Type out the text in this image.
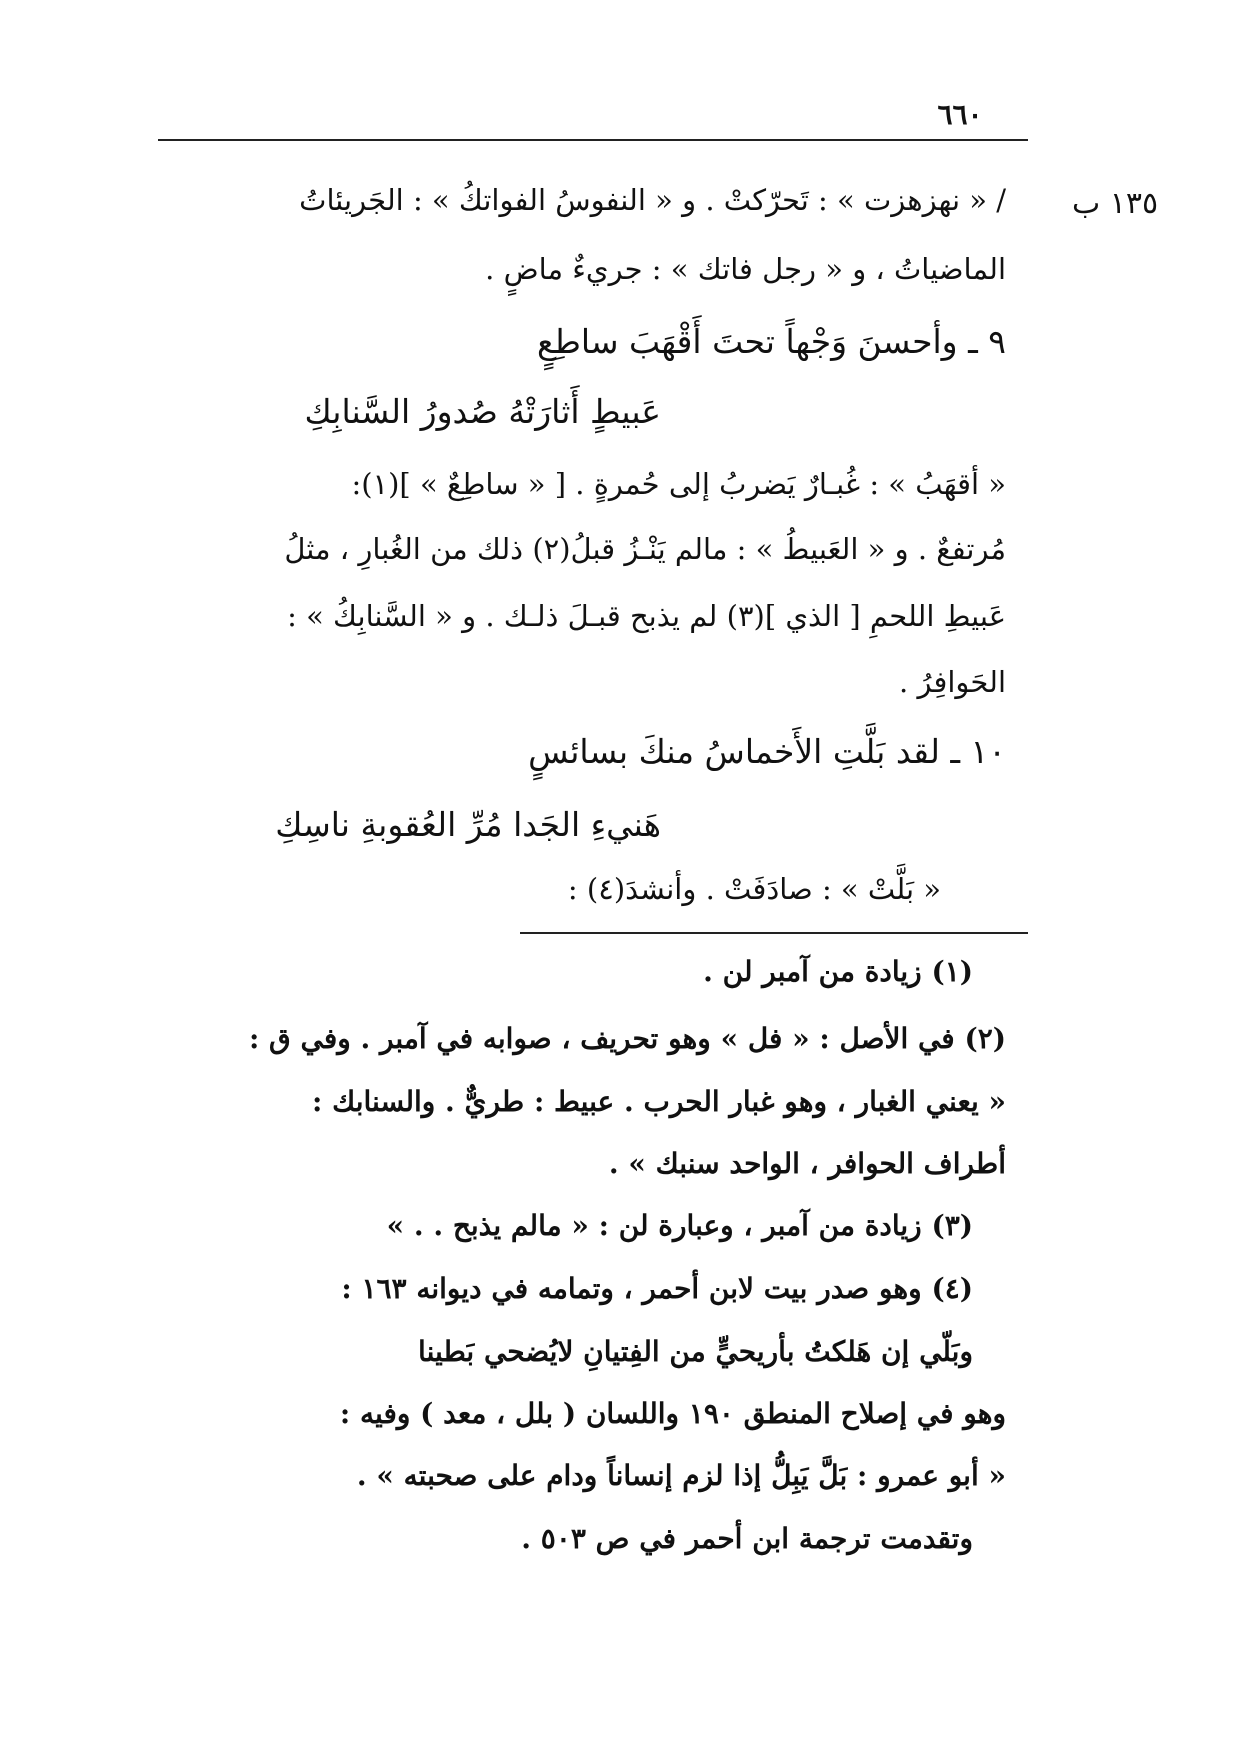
٦٦٠
١٣٥ ب
/ « نهزهزت » : تَحرّكتْ . و « النفوسُ الفواتكُ » : الجَريئاتُ
الماضياتُ ، و « رجل فاتك » : جريءٌ ماضٍ .
٩ ـ وأحسنَ وَجْهاً تحتَ أَقْهَبَ ساطِعٍ
عَبيطٍ أَثارَتْهُ صُدورُ السَّنابِكِ
« أقهَبُ » : غُبـارٌ يَضربُ إلى حُمرةٍ . [ « ساطِعٌ » ](١):
مُرتفعٌ . و « العَبيطُ » : مالم يَنْـزُ قبلُ(٢) ذلك من الغُبارِ ، مثلُ
عَبيطِ اللحمِ [ الذي ](٣) لم يذبح قبـلَ ذلـك . و « السَّنابِكُ » :
الحَوافِرُ .
١٠ ـ لقد بَلَّتِ الأَخماسُ منكَ بسائسٍ
هَنيءِ الجَدا مُرِّ العُقوبةِ ناسِكِ
« بَلَّتْ » : صادَفَتْ . وأنشدَ(٤) :
(١) زيادة من آمبر لن .
(٢) في الأصل : « فل » وهو تحريف ، صوابه في آمبر . وفي ق :
« يعني الغبار ، وهو غبار الحرب . عبيط : طريٌّ . والسنابك :
أطراف الحوافر ، الواحد سنبك » .
(٣) زيادة من آمبر ، وعبارة لن : « مالم يذبح . . »
(٤) وهو صدر بيت لابن أحمر ، وتمامه في ديوانه ١٦٣ :
وبَلّي إن هَلكتُ بأريحيٍّ من الفِتيانِ لايُضحي بَطينا
وهو في إصلاح المنطق ١٩٠ واللسان ( بلل ، معد ) وفيه :
« أبو عمرو : بَلَّ يَبِلُّ إذا لزم إنساناً ودام على صحبته » .
وتقدمت ترجمة ابن أحمر في ص ٥٠٣ .
